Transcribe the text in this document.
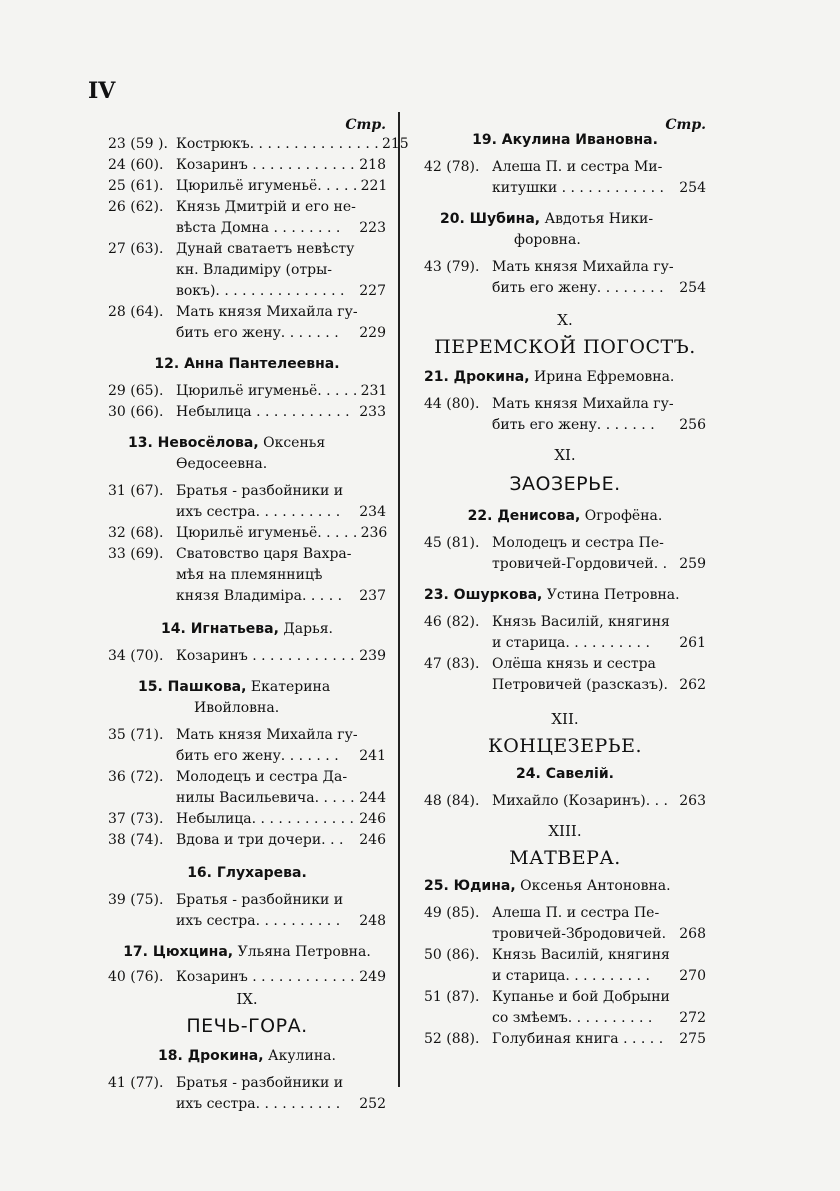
IV
Стр.
23 (59 ). Кострюкъ. . . . . . . . . . . . . . . 215
24 (60). Козаринъ . . . . . . . . . . . . 218
25 (61). Цюрильё игуменьё. . . . . 221
26 (62). Князь Дмитрій и его не-
вѣста Домна . . . . . . . .	223
27 (63). Дунай сватаетъ невѣсту
кн. Владиміру (отры-
вокъ). . . . . . . . . . . . . . .	227
28 (64). Мать князя Михайла гу-
бить его жену. . . . . . .	229
12. Анна Пантелеевна.
29 (65). Цюрильё игуменьё. . . . . 231
30 (66). Небылица . . . . . . . . . . . 233
13. Невосёлова, Оксенья
Ѳедосеевна.
31 (67). Братья - разбойники и
ихъ сестра. . . . . . . . . .	234
32 (68). Цюрильё игуменьё. . . . . 236
33 (69). Сватовство царя Вахра-
мѣя на племянницѣ
князя Владиміра. . . . .	237
14. Игнатьева, Дарья.
34 (70). Козаринъ . . . . . . . . . . . . 239
15. Пашкова, Екатерина
Ивойловна.
35 (71). Мать князя Михайла гу-
бить его жену. . . . . . .	241
36 (72). Молодецъ и сестра Да-
нилы Васильевича. . . . . 244
37 (73). Небылица. . . . . . . . . . . . 246
38 (74). Вдова и три дочери. . .	246
16. Глухарева.
39 (75). Братья - разбойники и
ихъ сестра. . . . . . . . . .	248
17. Цюхцина, Ульяна Петровна.
40 (76). Козаринъ . . . . . . . . . . . . 249
IX.
ПЕЧЬ-ГОРА.
18. Дрокина, Акулина.
41 (77). Братья - разбойники и
ихъ сестра. . . . . . . . . .	252
Стр.
19. Акулина Ивановна.
42 (78). Алеша П. и сестра Ми-
китушки . . . . . . . . . . . .	254
20. Шубина, Авдотья Ники-
форовна.
43 (79). Мать князя Михайла гу-
бить его жену. . . . . . . .	254
X.
ПЕРЕМСКОЙ ПОГОСТЪ.
21. Дрокина, Ирина Ефремовна.
44 (80). Мать князя Михайла гу-
бить его жену. . . . . . .	256
XI.
ЗАОЗЕРЬЕ.
22. Денисова, Огрофёна.
45 (81). Молодецъ и сестра Пе-
тровичей-Гордовичей. . 259
23. Ошуркова, Устина Петровна.
46 (82). Князь Василій, княгиня
и старица. . . . . . . . . .	261
47 (83). Олёша князь и сестра
Петровичей (разсказъ). 262
XII.
КОНЦЕЗЕРЬЕ.
24. Савелій.
48 (84). Михайло (Козаринъ). . . 263
XIII.
МАТВЕРА.
25. Юдина, Оксенья Антоновна.
49 (85). Алеша П. и сестра Пе-
тровичей-Збродовичей. 268
50 (86). Князь Василій, княгиня
и старица. . . . . . . . . .	270
51 (87). Купанье и бой Добрыни
со змѣемъ. . . . . . . . . .	272
52 (88). Голубиная книга . . . . .	275
